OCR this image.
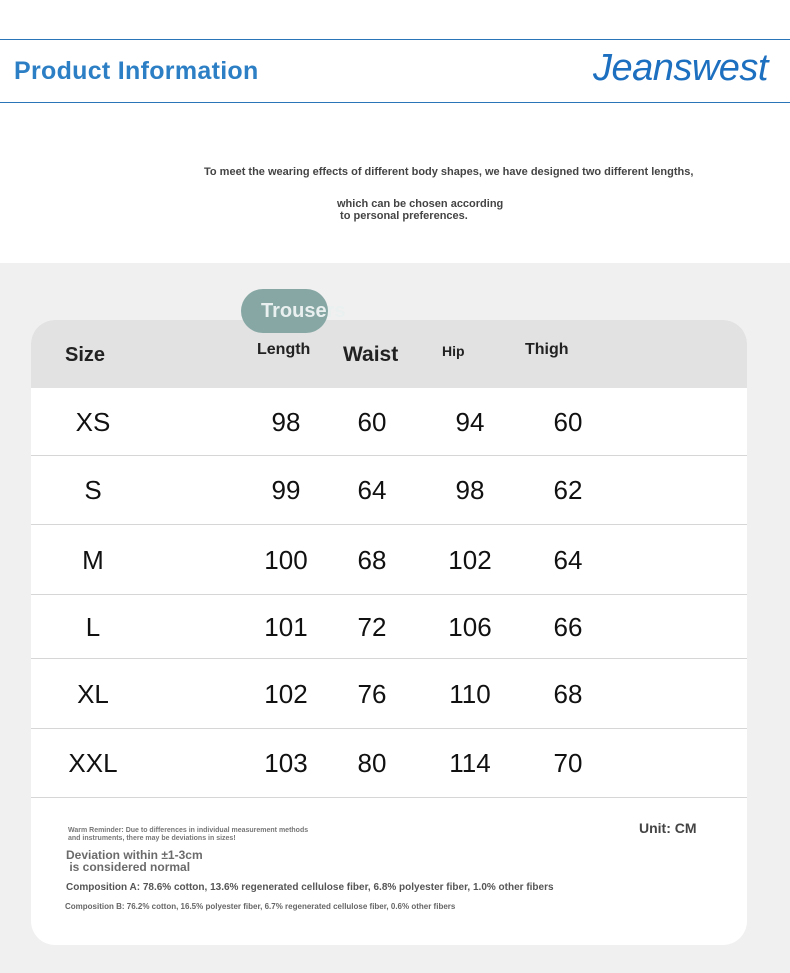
Product Information	Jeanswest
To meet the wearing effects of different body shapes, we have designed two different lengths,
which can be chosen according
to personal preferences.
Size	Length Waist	Hip	Thigh
XS	98	60	94	60
S	99	64	98	62
M	100	68	102	64
L	101	72	106	66
XL	102	76	110	68
XXL	103	80	114	70
Warm Reminder: Due to differences in individual measurement methods and instruments, there may be deviations in sizes!
Unit: CM
Deviation within ±1-3cm
is considered normal
Composition A: 78.6% cotton, 13.6% regenerated cellulose fiber, 6.8% polyester fiber, 1.0% other fibers
Composition B: 76.2% cotton, 16.5% polyester fiber, 6.7% regenerated cellulose fiber, 0.6% other fibers
Trousers
